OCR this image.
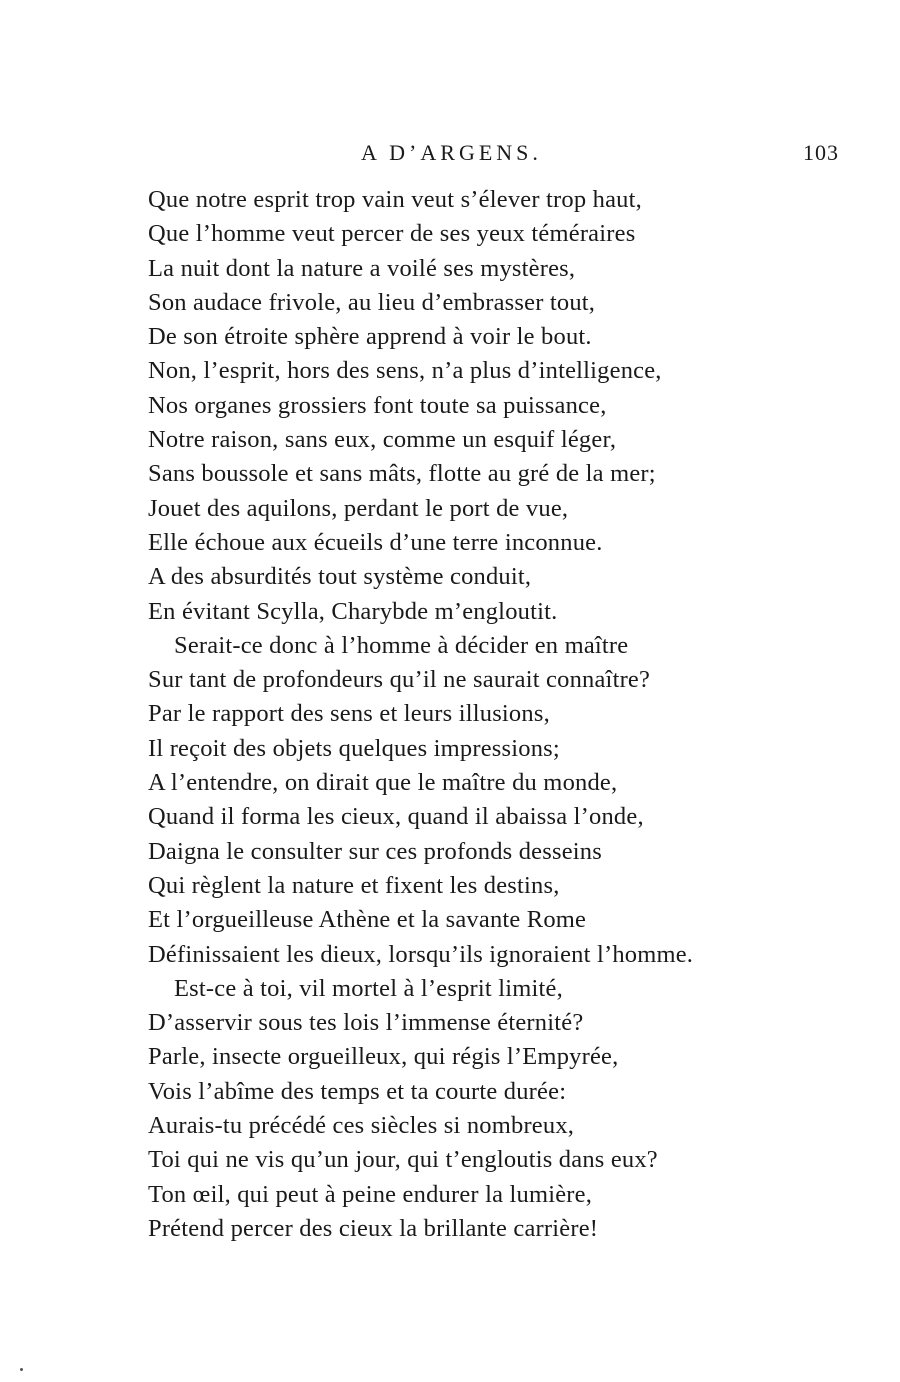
A D’ARGENS.	103
Que notre esprit trop vain veut s’élever trop haut,
Que l’homme veut percer de ses yeux téméraires
La nuit dont la nature a voilé ses mystères,
Son audace frivole, au lieu d’embrasser tout,
De son étroite sphère apprend à voir le bout.
Non, l’esprit, hors des sens, n’a plus d’intelligence,
Nos organes grossiers font toute sa puissance,
Notre raison, sans eux, comme un esquif léger,
Sans boussole et sans mâts, flotte au gré de la mer;
Jouet des aquilons, perdant le port de vue,
Elle échoue aux écueils d’une terre inconnue.
A des absurdités tout système conduit,
En évitant Scylla, Charybde m’engloutit.
Serait-ce donc à l’homme à décider en maître
Sur tant de profondeurs qu’il ne saurait connaître?
Par le rapport des sens et leurs illusions,
Il reçoit des objets quelques impressions;
A l’entendre, on dirait que le maître du monde,
Quand il forma les cieux, quand il abaissa l’onde,
Daigna le consulter sur ces profonds desseins
Qui règlent la nature et fixent les destins,
Et l’orgueilleuse Athène et la savante Rome
Définissaient les dieux, lorsqu’ils ignoraient l’homme.
Est-ce à toi, vil mortel à l’esprit limité,
D’asservir sous tes lois l’immense éternité?
Parle, insecte orgueilleux, qui régis l’Empyrée,
Vois l’abîme des temps et ta courte durée:
Aurais-tu précédé ces siècles si nombreux,
Toi qui ne vis qu’un jour, qui t’engloutis dans eux?
Ton œil, qui peut à peine endurer la lumière,
Prétend percer des cieux la brillante carrière!
